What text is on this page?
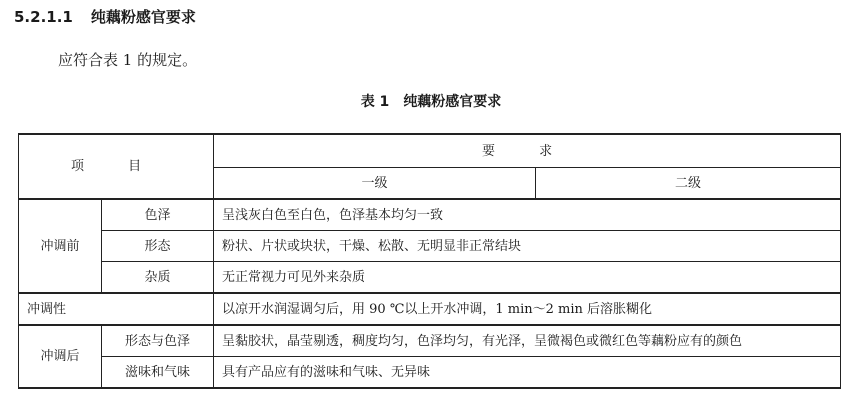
5.2.1.1 纯藕粉感官要求
应符合表 1 的规定。
表 1 纯藕粉感官要求
项 目		要 求	
		一级	二级
冲调前	色泽	呈浅灰白色至白色，色泽基本均匀一致	
	形态	粉状、片状或块状，干燥、松散、无明显非正常结块	
	杂质	无正常视力可见外来杂质	
冲调性		以凉开水润湿调匀后，用 90 ℃以上开水冲调，1 min～2 min 后溶胀糊化	
冲调后	形态与色泽	呈黏胶状，晶莹剔透，稠度均匀，色泽均匀，有光泽，呈微褐色或微红色等藕粉应有的颜色	
	滋味和气味	具有产品应有的滋味和气味、无异味	
